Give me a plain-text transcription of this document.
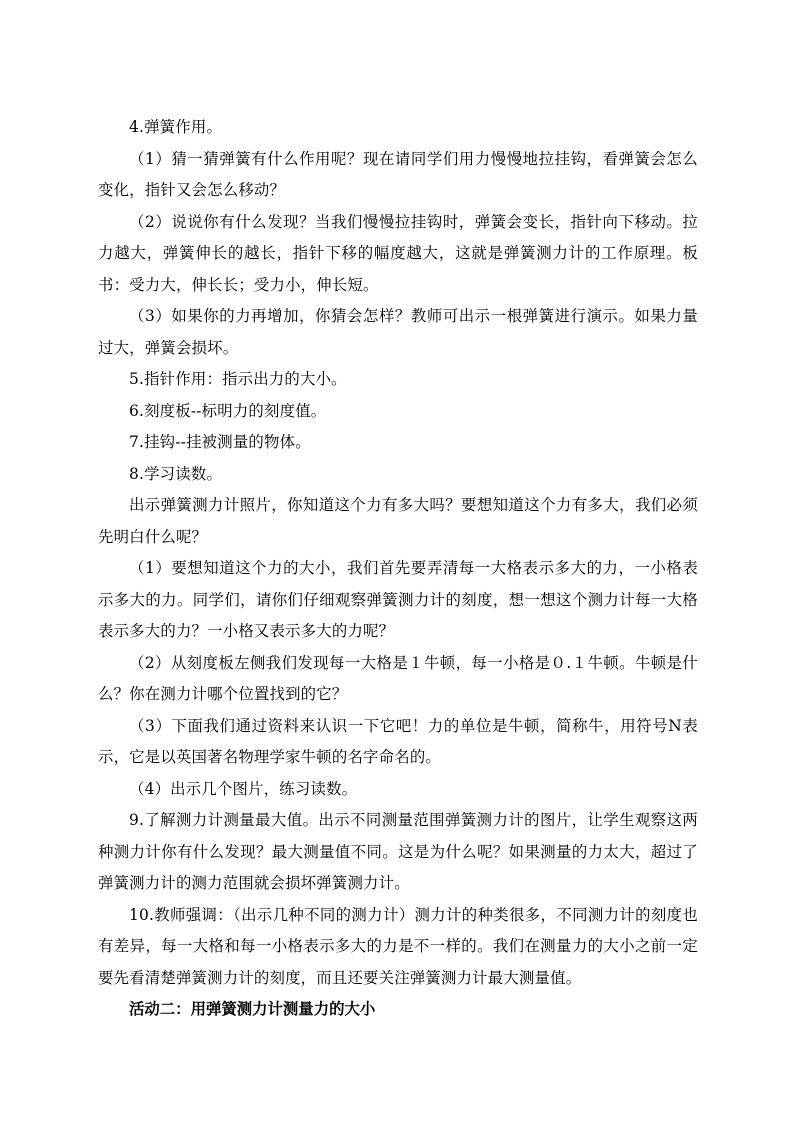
4.弹簧作用。

（1）猜一猜弹簧有什么作用呢？现在请同学们用力慢慢地拉挂钩，看弹簧会怎么变化，指针又会怎么移动？

（2）说说你有什么发现？当我们慢慢拉挂钩时，弹簧会变长，指针向下移动。拉力越大，弹簧伸长的越长，指针下移的幅度越大，这就是弹簧测力计的工作原理。板书：受力大，伸长长；受力小，伸长短。

（3）如果你的力再增加，你猜会怎样？教师可出示一根弹簧进行演示。如果力量过大，弹簧会损坏。

5.指针作用：指示出力的大小。

6.刻度板--标明力的刻度值。

7.挂钩--挂被测量的物体。

8.学习读数。

出示弹簧测力计照片，你知道这个力有多大吗？要想知道这个力有多大，我们必须先明白什么呢？

（1）要想知道这个力的大小，我们首先要弄清每一大格表示多大的力，一小格表示多大的力。同学们，请你们仔细观察弹簧测力计的刻度，想一想这个测力计每一大格表示多大的力？一小格又表示多大的力呢？

（2）从刻度板左侧我们发现每一大格是１牛顿，每一小格是０.１牛顿。牛顿是什么？你在测力计哪个位置找到的它？

（3）下面我们通过资料来认识一下它吧！力的单位是牛顿，简称牛，用符号N表示，它是以英国著名物理学家牛顿的名字命名的。

（4）出示几个图片，练习读数。

9.了解测力计测量最大值。出示不同测量范围弹簧测力计的图片，让学生观察这两种测力计你有什么发现？最大测量值不同。这是为什么呢？如果测量的力太大，超过了弹簧测力计的测力范围就会损坏弹簧测力计。

10.教师强调：（出示几种不同的测力计）测力计的种类很多，不同测力计的刻度也有差异，每一大格和每一小格表示多大的力是不一样的。我们在测量力的大小之前一定要先看清楚弹簧测力计的刻度，而且还要关注弹簧测力计最大测量值。

活动二：用弹簧测力计测量力的大小
